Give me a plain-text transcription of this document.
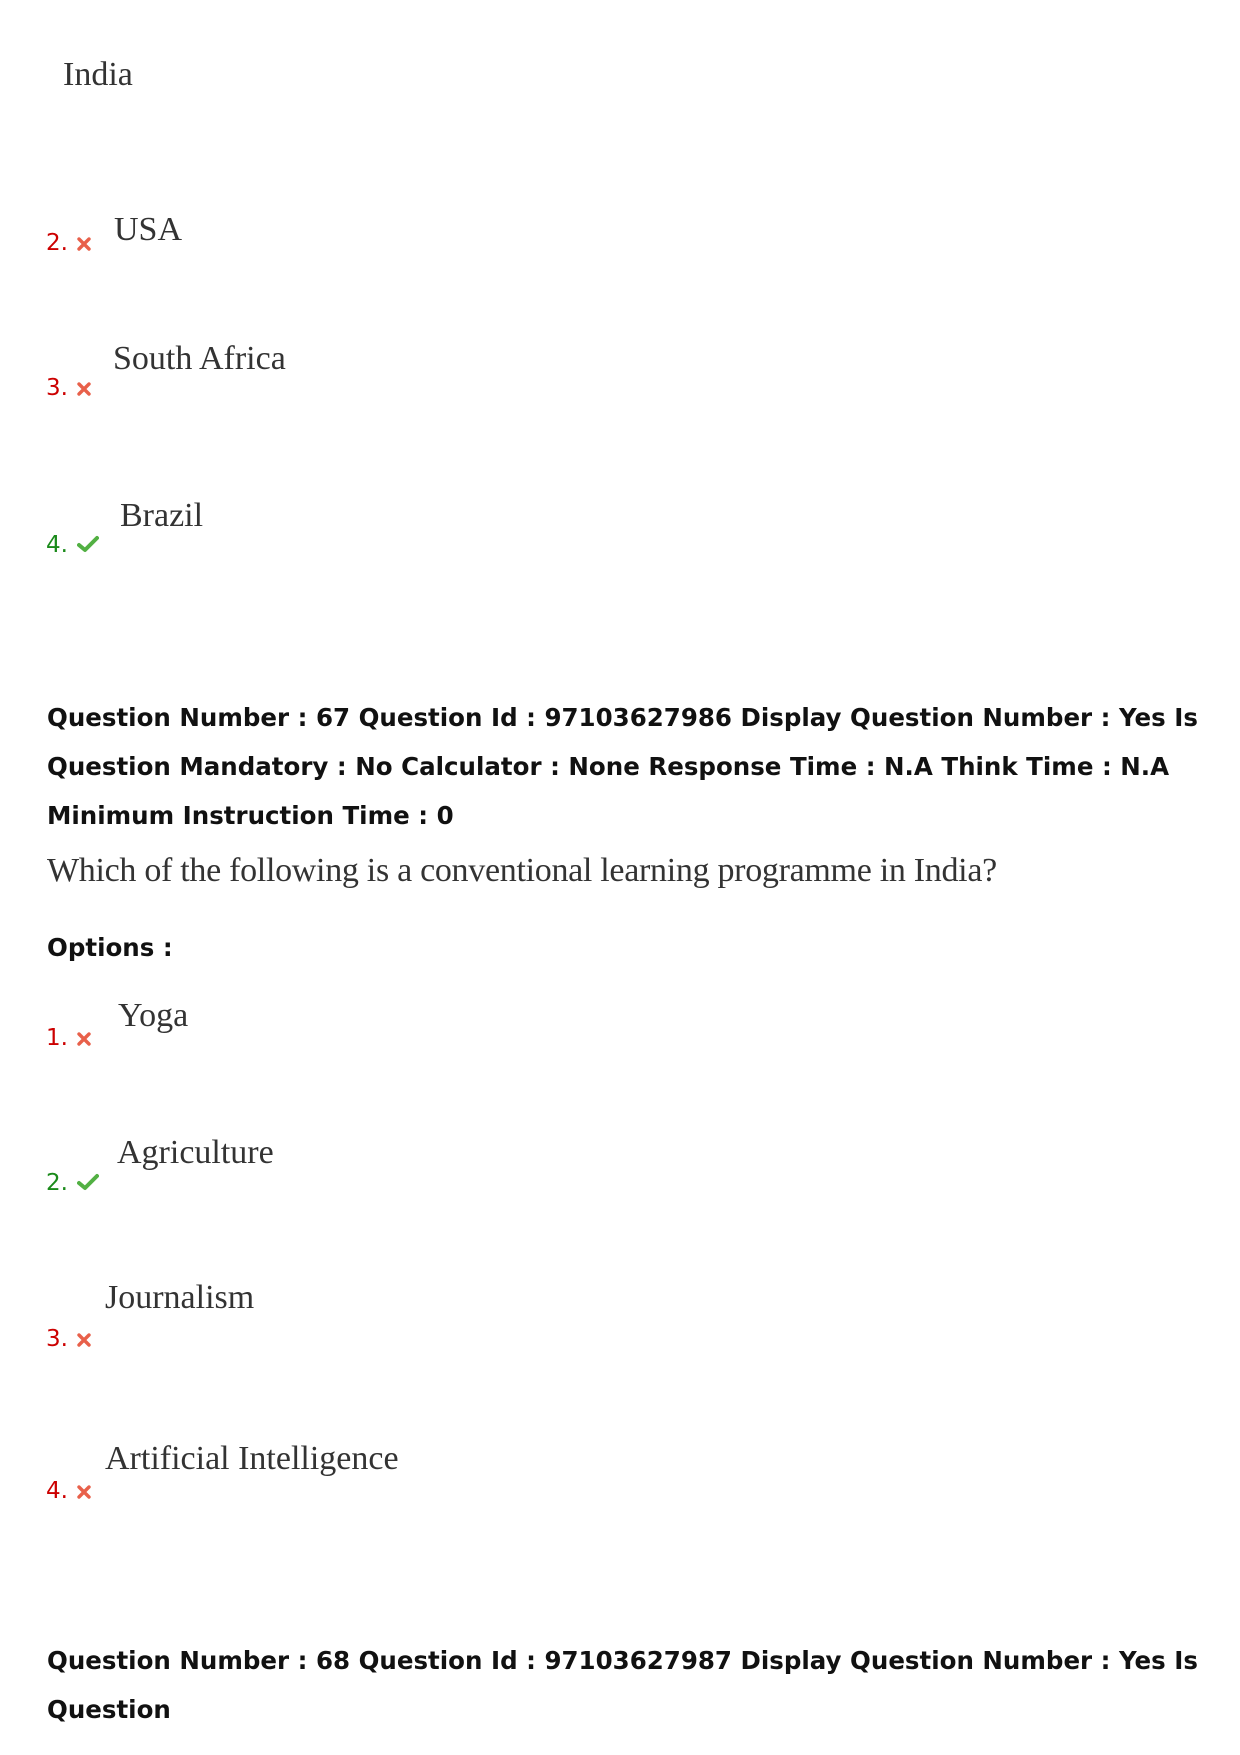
India
2.	USA
3.
South Africa
4.
Brazil
Question Number : 67 Question Id : 97103627986 Display Question Number : Yes Is Question Mandatory : No Calculator : None Response Time : N.A Think Time : N.A Minimum Instruction Time : 0
Which of the following is a conventional learning programme in India?
Options :
1.
Yoga
2.
Agriculture
3.
Journalism
4.
Artificial Intelligence
Question Number : 68 Question Id : 97103627987 Display Question Number : Yes Is Question
